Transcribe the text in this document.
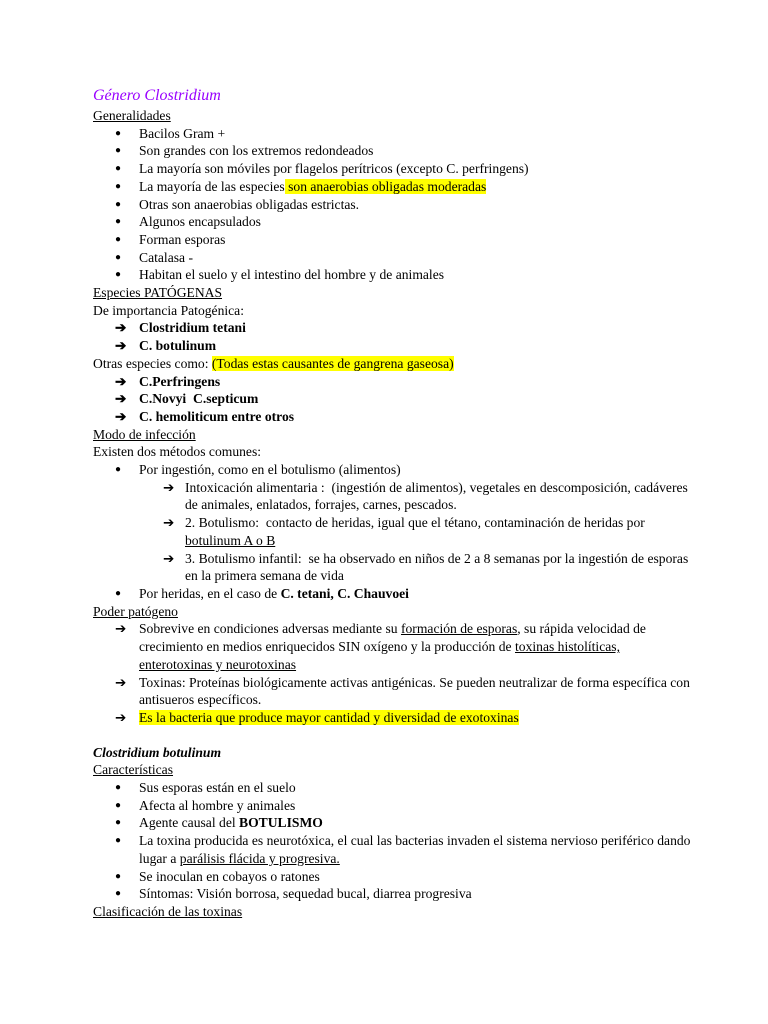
Género Clostridium
Generalidades
● Bacilos Gram +
● Son grandes con los extremos redondeados
● La mayoría son móviles por flagelos perítricos (excepto C. perfringens)
● La mayoría de las especies son anaerobias obligadas moderadas
● Otras son anaerobias obligadas estrictas.
● Algunos encapsulados
● Forman esporas
● Catalasa -
● Habitan el suelo y el intestino del hombre y de animales
Especies PATÓGENAS
De importancia Patogénica:
➔ Clostridium tetani
➔ C. botulinum
Otras especies como: (Todas estas causantes de gangrena gaseosa)
➔ C.Perfringens
➔ C.Novyi  C.septicum
➔ C. hemoliticum entre otros
Modo de infección
Existen dos métodos comunes:
● Por ingestión, como en el botulismo (alimentos)
➔ Intoxicación alimentaria :  (ingestión de alimentos), vegetales en descomposición, cadáveres de animales, enlatados, forrajes, carnes, pescados.
➔ 2. Botulismo:  contacto de heridas, igual que el tétano, contaminación de heridas por botulinum A o B
➔ 3. Botulismo infantil:  se ha observado en niños de 2 a 8 semanas por la ingestión de esporas en la primera semana de vida
● Por heridas, en el caso de C. tetani, C. Chauvoei
Poder patógeno
➔ Sobrevive en condiciones adversas mediante su formación de esporas, su rápida velocidad de crecimiento en medios enriquecidos SIN oxígeno y la producción de toxinas histolíticas, enterotoxinas y neurotoxinas
➔ Toxinas: Proteínas biológicamente activas antigénicas. Se pueden neutralizar de forma específica con antisueros específicos.
➔ Es la bacteria que produce mayor cantidad y diversidad de exotoxinas
Clostridium botulinum
Características
● Sus esporas están en el suelo
● Afecta al hombre y animales
● Agente causal del BOTULISMO
● La toxina producida es neurotóxica, el cual las bacterias invaden el sistema nervioso periférico dando lugar a parálisis flácida y progresiva.
● Se inoculan en cobayos o ratones
● Síntomas: Visión borrosa, sequedad bucal, diarrea progresiva
Clasificación de las toxinas
